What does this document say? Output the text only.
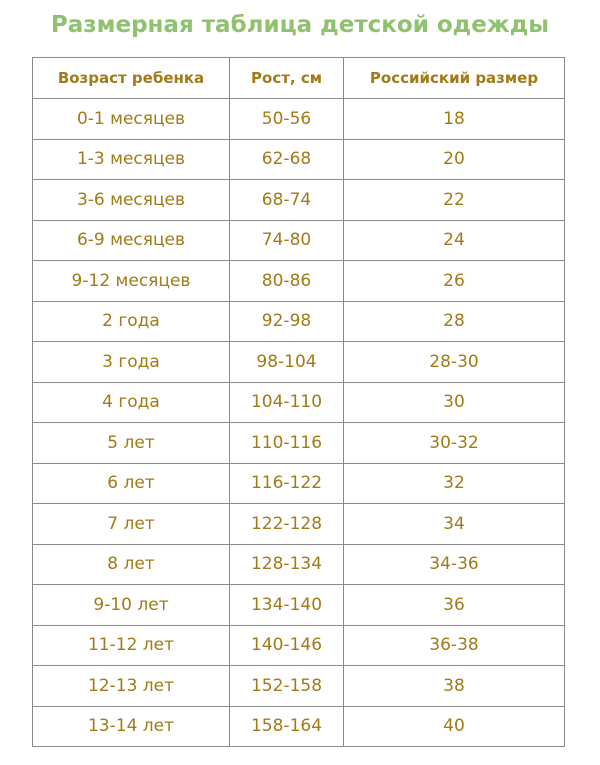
Размерная таблица детской одежды
Возраст ребенка	Рост, см	Российский размер
0-1 месяцев	50-56	18
1-3 месяцев	62-68	20
3-6 месяцев	68-74	22
6-9 месяцев	74-80	24
9-12 месяцев	80-86	26
2 года	92-98	28
3 года	98-104	28-30
4 года	104-110	30
5 лет	110-116	30-32
6 лет	116-122	32
7 лет	122-128	34
8 лет	128-134	34-36
9-10 лет	134-140	36
11-12 лет	140-146	36-38
12-13 лет	152-158	38
13-14 лет	158-164	40
